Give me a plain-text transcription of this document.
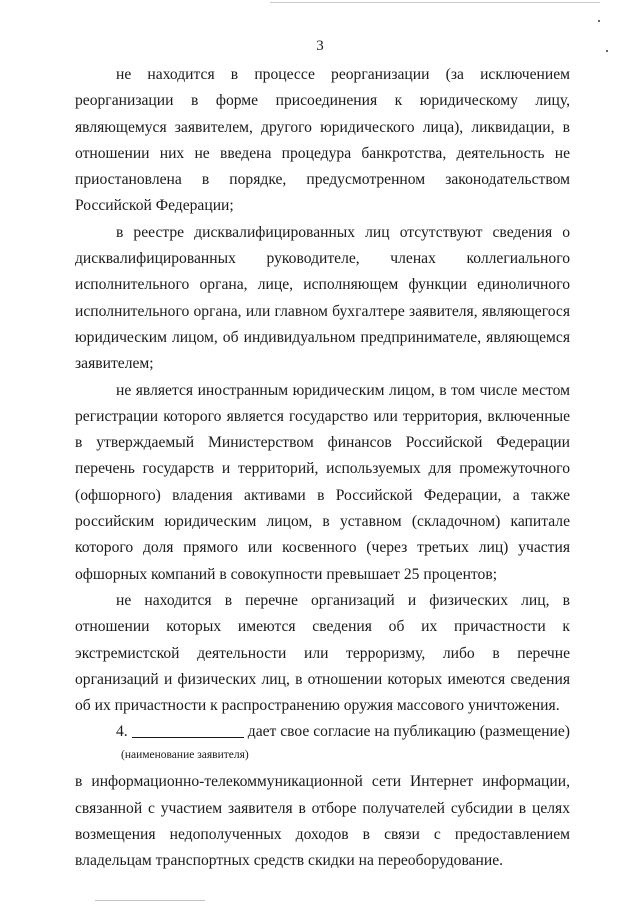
3

не находится в процессе реорганизации (за исключением реорганизации в форме присоединения к юридическому лицу, являющемуся заявителем, другого юридического лица), ликвидации, в отношении них не введена процедура банкротства, деятельность не приостановлена в порядке, предусмотренном законодательством Российской Федерации;

в реестре дисквалифицированных лиц отсутствуют сведения о дисквалифицированных руководителе, членах коллегиального исполнительного органа, лице, исполняющем функции единоличного исполнительного органа, или главном бухгалтере заявителя, являющегося юридическим лицом, об индивидуальном предпринимателе, являющемся заявителем;

не является иностранным юридическим лицом, в том числе местом регистрации которого является государство или территория, включенные в утверждаемый Министерством финансов Российской Федерации перечень государств и территорий, используемых для промежуточного (офшорного) владения активами в Российской Федерации, а также российским юридическим лицом, в уставном (складочном) капитале которого доля прямого или косвенного (через третьих лиц) участия офшорных компаний в совокупности превышает 25 процентов;

не находится в перечне организаций и физических лиц, в отношении которых имеются сведения об их причастности к экстремистской деятельности или терроризму, либо в перечне организаций и физических лиц, в отношении которых имеются сведения об их причастности к распространению оружия массового уничтожения.

4.	дает свое согласие на публикацию (размещение)
(наименование заявителя)

в информационно-телекоммуникационной сети Интернет информации, связанной с участием заявителя в отборе получателей субсидии в целях возмещения недополученных доходов в связи с предоставлением владельцам транспортных средств скидки на переоборудование.
